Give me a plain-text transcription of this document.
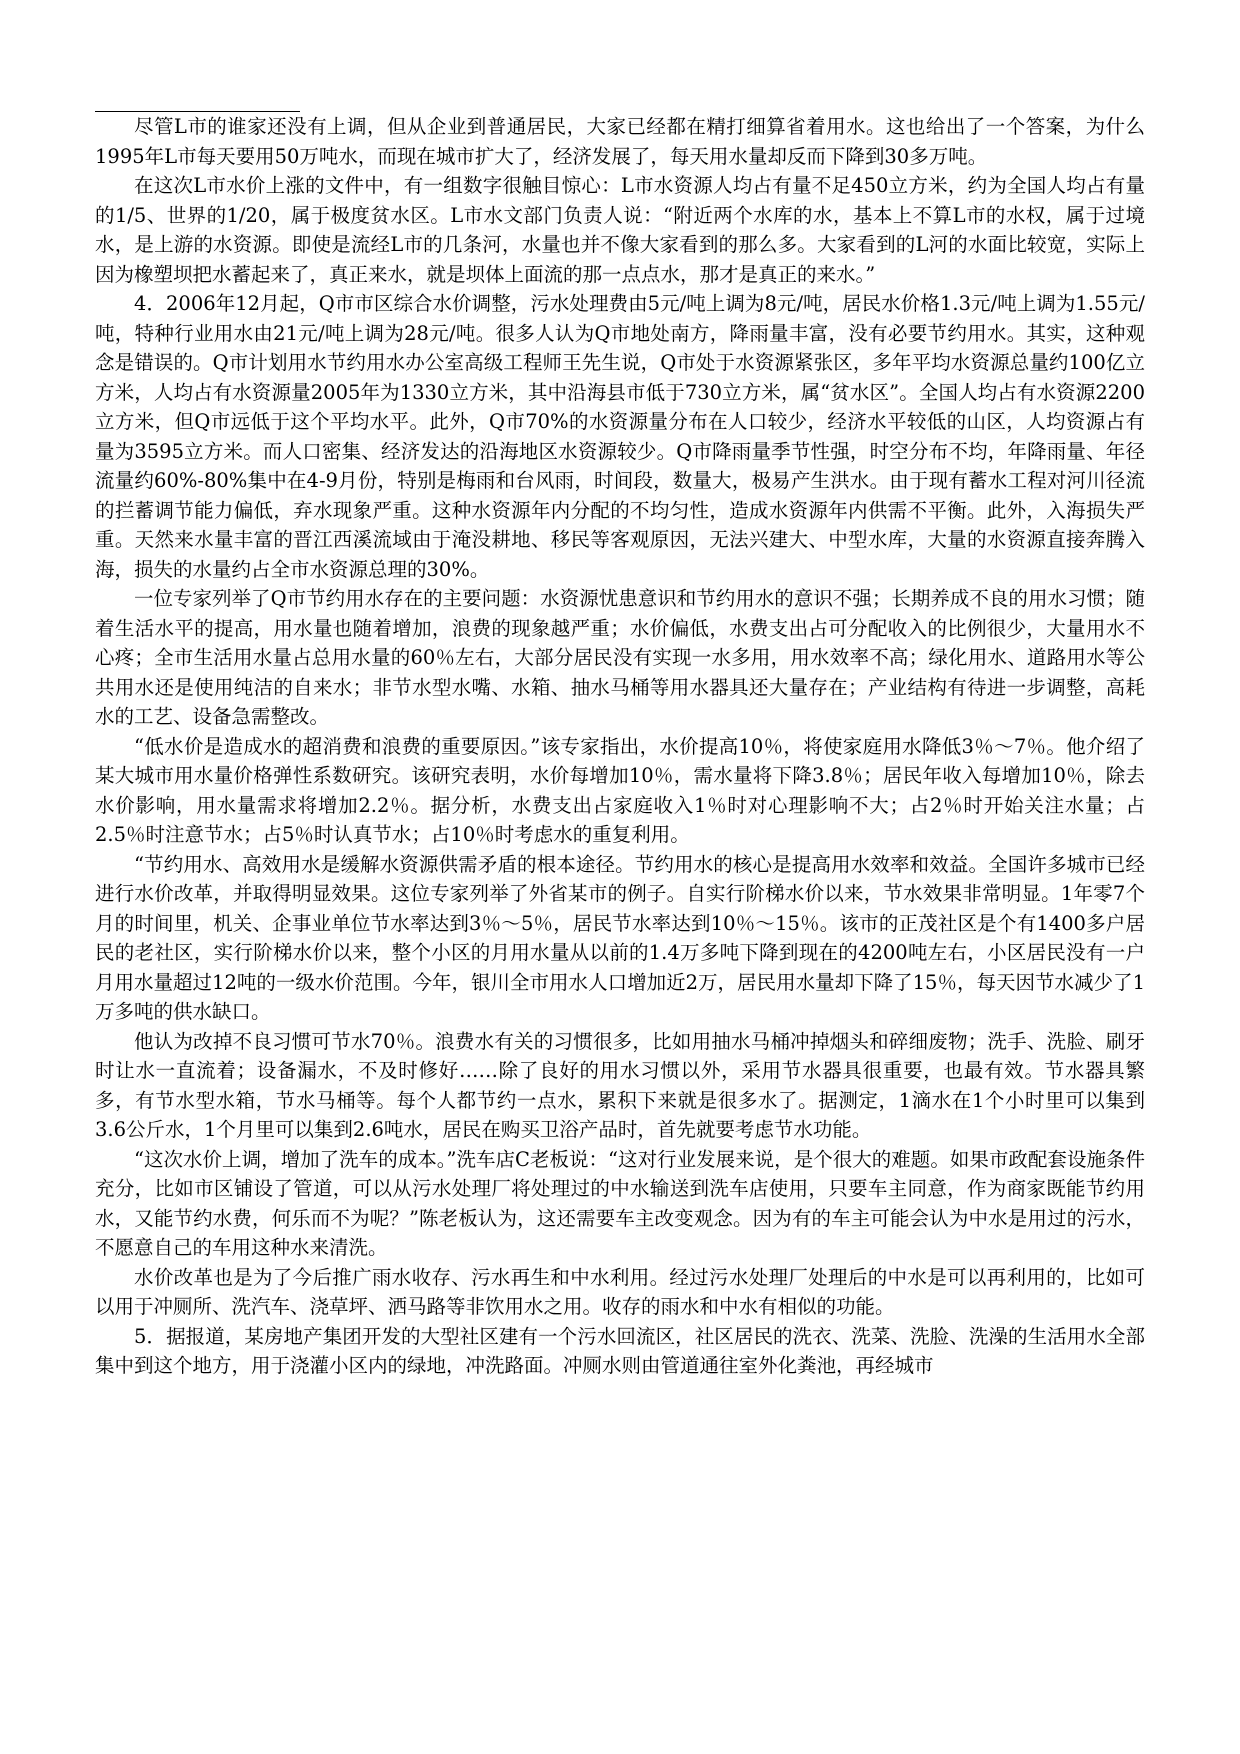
尽管L市的谁家还没有上调，但从企业到普通居民，大家已经都在精打细算省着用水。这也给出了一个答案，为什么1995年L市每天要用50万吨水，而现在城市扩大了，经济发展了，每天用水量却反而下降到30多万吨。

在这次L市水价上涨的文件中，有一组数字很触目惊心：L市水资源人均占有量不足450立方米，约为全国人均占有量的1/5、世界的1/20，属于极度贫水区。L市水文部门负责人说：“附近两个水库的水，基本上不算L市的水权，属于过境水，是上游的水资源。即使是流经L市的几条河，水量也并不像大家看到的那么多。大家看到的L河的水面比较宽，实际上因为橡塑坝把水蓄起来了，真正来水，就是坝体上面流的那一点点水，那才是真正的来水。”

4．2006年12月起，Q市市区综合水价调整，污水处理费由5元/吨上调为8元/吨，居民水价格1.3元/吨上调为1.55元/吨，特种行业用水由21元/吨上调为28元/吨。很多人认为Q市地处南方，降雨量丰富，没有必要节约用水。其实，这种观念是错误的。Q市计划用水节约用水办公室高级工程师王先生说，Q市处于水资源紧张区，多年平均水资源总量约100亿立方米，人均占有水资源量2005年为1330立方米，其中沿海县市低于730立方米，属“贫水区”。全国人均占有水资源2200立方米，但Q市远低于这个平均水平。此外，Q市70%的水资源量分布在人口较少，经济水平较低的山区，人均资源占有量为3595立方米。而人口密集、经济发达的沿海地区水资源较少。Q市降雨量季节性强，时空分布不均，年降雨量、年径流量约60%-80%集中在4-9月份，特别是梅雨和台风雨，时间段，数量大，极易产生洪水。由于现有蓄水工程对河川径流的拦蓄调节能力偏低，弃水现象严重。这种水资源年内分配的不均匀性，造成水资源年内供需不平衡。此外，入海损失严重。天然来水量丰富的晋江西溪流域由于淹没耕地、移民等客观原因，无法兴建大、中型水库，大量的水资源直接奔腾入海，损失的水量约占全市水资源总理的30%。

一位专家列举了Q市节约用水存在的主要问题：水资源忧患意识和节约用水的意识不强；长期养成不良的用水习惯；随着生活水平的提高，用水量也随着增加，浪费的现象越严重；水价偏低，水费支出占可分配收入的比例很少，大量用水不心疼；全市生活用水量占总用水量的60％左右，大部分居民没有实现一水多用，用水效率不高；绿化用水、道路用水等公共用水还是使用纯洁的自来水；非节水型水嘴、水箱、抽水马桶等用水器具还大量存在；产业结构有待进一步调整，高耗水的工艺、设备急需整改。

“低水价是造成水的超消费和浪费的重要原因。”该专家指出，水价提高10％，将使家庭用水降低3％～7％。他介绍了某大城市用水量价格弹性系数研究。该研究表明，水价每增加10％，需水量将下降3.8％；居民年收入每增加10％，除去水价影响，用水量需求将增加2.2％。据分析，水费支出占家庭收入1％时对心理影响不大；占2％时开始关注水量；占2.5％时注意节水；占5％时认真节水；占10％时考虑水的重复利用。

“节约用水、高效用水是缓解水资源供需矛盾的根本途径。节约用水的核心是提高用水效率和效益。全国许多城市已经进行水价改革，并取得明显效果。这位专家列举了外省某市的例子。自实行阶梯水价以来，节水效果非常明显。1年零7个月的时间里，机关、企事业单位节水率达到3％～5％，居民节水率达到10％～15％。该市的正茂社区是个有1400多户居民的老社区，实行阶梯水价以来，整个小区的月用水量从以前的1.4万多吨下降到现在的4200吨左右，小区居民没有一户月用水量超过12吨的一级水价范围。今年，银川全市用水人口增加近2万，居民用水量却下降了15％，每天因节水减少了1万多吨的供水缺口。

他认为改掉不良习惯可节水70％。浪费水有关的习惯很多，比如用抽水马桶冲掉烟头和碎细废物；洗手、洗脸、刷牙时让水一直流着；设备漏水，不及时修好……除了良好的用水习惯以外，采用节水器具很重要，也最有效。节水器具繁多，有节水型水箱，节水马桶等。每个人都节约一点水，累积下来就是很多水了。据测定，1滴水在1个小时里可以集到3.6公斤水，1个月里可以集到2.6吨水，居民在购买卫浴产品时，首先就要考虑节水功能。

“这次水价上调，增加了洗车的成本。”洗车店C老板说：“这对行业发展来说，是个很大的难题。如果市政配套设施条件充分，比如市区铺设了管道，可以从污水处理厂将处理过的中水输送到洗车店使用，只要车主同意，作为商家既能节约用水，又能节约水费，何乐而不为呢？”陈老板认为，这还需要车主改变观念。因为有的车主可能会认为中水是用过的污水，不愿意自己的车用这种水来清洗。

水价改革也是为了今后推广雨水收存、污水再生和中水利用。经过污水处理厂处理后的中水是可以再利用的，比如可以用于冲厕所、洗汽车、浇草坪、洒马路等非饮用水之用。收存的雨水和中水有相似的功能。

5．据报道，某房地产集团开发的大型社区建有一个污水回流区，社区居民的洗衣、洗菜、洗脸、洗澡的生活用水全部集中到这个地方，用于浇灌小区内的绿地，冲洗路面。冲厕水则由管道通往室外化粪池，再经城市
